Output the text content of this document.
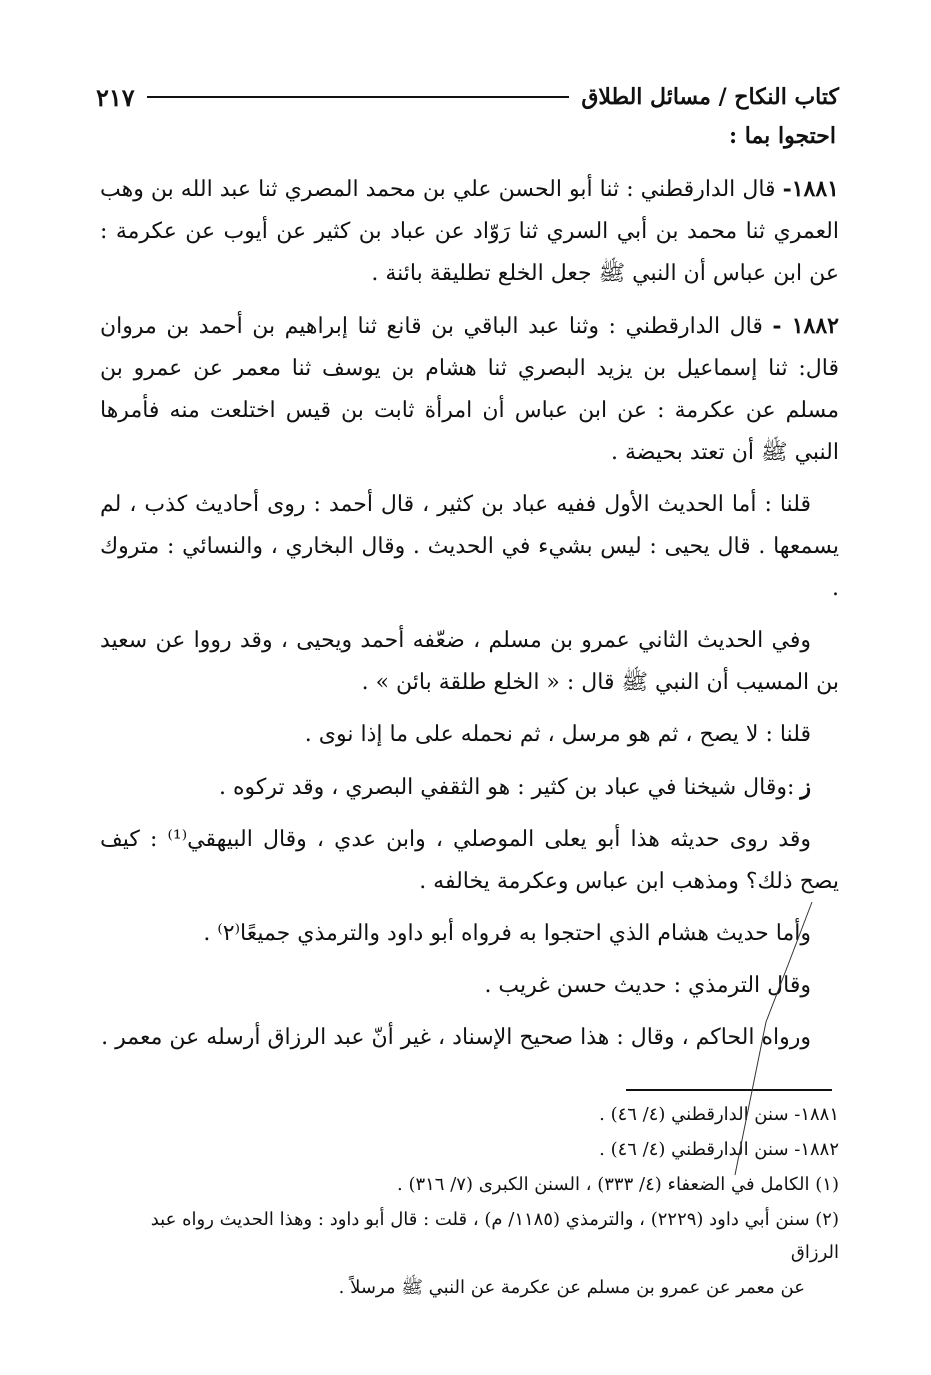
كتاب النكاح / مسائل الطلاق
٢١٧
احتجوا بما :

١٨٨١- قال الدارقطني : ثنا أبو الحسن علي بن محمد المصري ثنا عبد الله بن وهب العمري ثنا محمد بن أبي السري ثنا رَوّاد عن عباد بن كثير عن أيوب عن عكرمة : عن ابن عباس أن النبي ﷺ جعل الخلع تطليقة بائنة .

١٨٨٢ - قال الدارقطني : وثنا عبد الباقي بن قانع ثنا إبراهيم بن أحمد بن مروان قال: ثنا إسماعيل بن يزيد البصري ثنا هشام بن يوسف ثنا معمر عن عمرو بن مسلم عن عكرمة : عن ابن عباس أن امرأة ثابت بن قيس اختلعت منه فأمرها النبي ﷺ أن تعتد بحيضة .

قلنا : أما الحديث الأول ففيه عباد بن كثير ، قال أحمد : روى أحاديث كذب ، لم يسمعها . قال يحيى : ليس بشيء في الحديث . وقال البخاري ، والنسائي : متروك .

وفي الحديث الثاني عمرو بن مسلم ، ضعّفه أحمد ويحيى ، وقد رووا عن سعيد بن المسيب أن النبي ﷺ قال : « الخلع طلقة بائن » .

قلنا : لا يصح ، ثم هو مرسل ، ثم نحمله على ما إذا نوى .

ز:وقال شيخنا في عباد بن كثير : هو الثقفي البصري ، وقد تركوه .

وقد روى حديثه هذا أبو يعلى الموصلي ، وابن عدي ، وقال البيهقي⁽¹⁾ : كيف يصح ذلك؟ ومذهب ابن عباس وعكرمة يخالفه .

وأما حديث هشام الذي احتجوا به فرواه أبو داود والترمذي جميعًا⁽٢⁾ .

وقال الترمذي : حديث حسن غريب .

ورواه الحاكم ، وقال : هذا صحيح الإسناد ، غير أنّ عبد الرزاق أرسله عن معمر .

١٨٨١- سنن الدارقطني (٤/ ٤٦) .

١٨٨٢- سنن الدارقطني (٤/ ٤٦) .

(١) الكامل في الضعفاء (٤/ ٣٣٣) ، السنن الكبرى (٧/ ٣١٦) .

(٢) سنن أبي داود (٢٢٢٩) ، والترمذي (١١٨٥/ م) ، قلت : قال أبو داود : وهذا الحديث رواه عبد الرزاق

عن معمر عن عمرو بن مسلم عن عكرمة عن النبي ﷺ مرسلاً .
